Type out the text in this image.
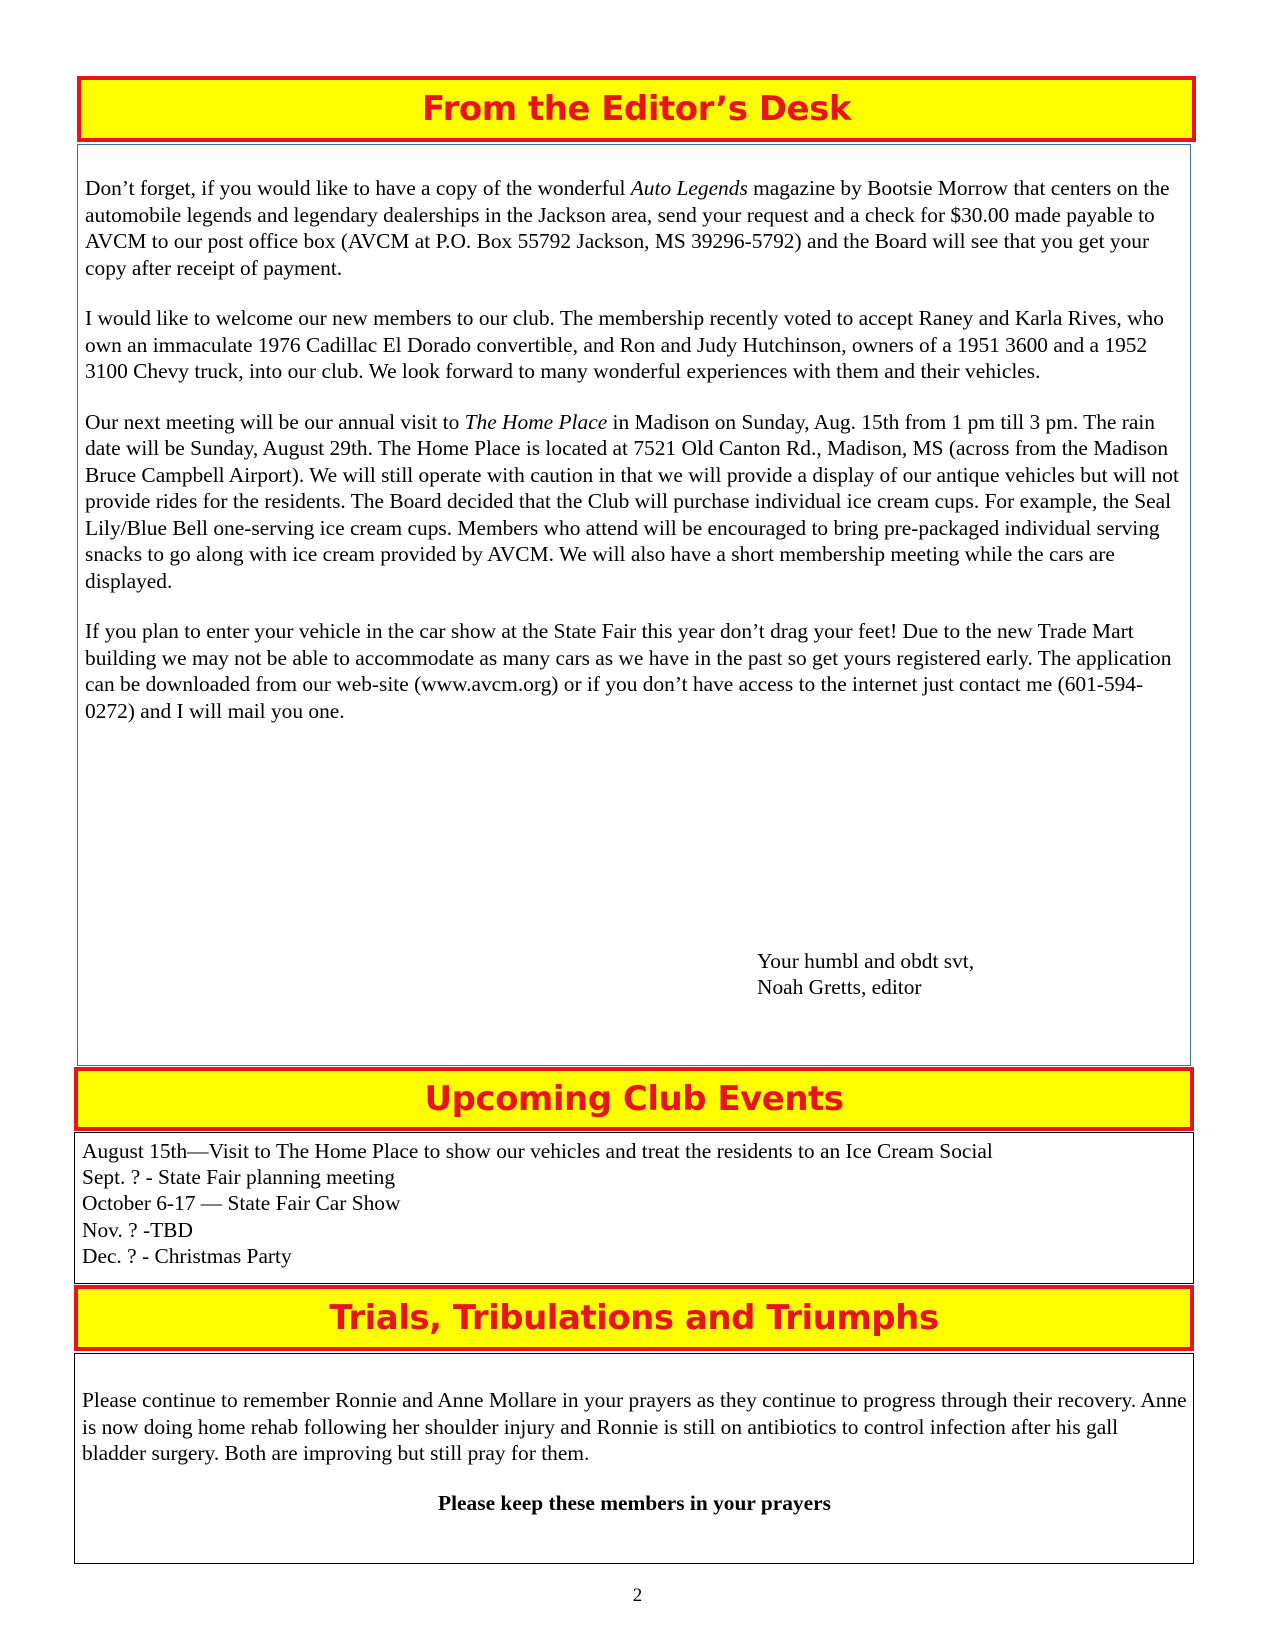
From the Editor’s Desk

Don’t forget, if you would like to have a copy of the wonderful Auto Legends magazine by Bootsie Morrow that centers on the automobile legends and legendary dealerships in the Jackson area, send your request and a check for $30.00 made payable to AVCM to our post office box (AVCM at P.O. Box 55792 Jackson, MS 39296-5792) and the Board will see that you get your copy after receipt of payment.

I would like to welcome our new members to our club. The membership recently voted to accept Raney and Karla Rives, who own an immaculate 1976 Cadillac El Dorado convertible, and Ron and Judy Hutchinson, owners of a 1951 3600 and a 1952 3100 Chevy truck, into our club. We look forward to many wonderful experiences with them and their vehicles.

Our next meeting will be our annual visit to The Home Place in Madison on Sunday, Aug. 15th from 1 pm till 3 pm. The rain date will be Sunday, August 29th. The Home Place is located at 7521 Old Canton Rd., Madison, MS (across from the Madison Bruce Campbell Airport). We will still operate with caution in that we will provide a display of our antique vehicles but will not provide rides for the residents. The Board decided that the Club will purchase individual ice cream cups. For example, the Seal Lily/Blue Bell one-serving ice cream cups. Members who attend will be encouraged to bring pre-packaged individual serving snacks to go along with ice cream provided by AVCM. We will also have a short membership meeting while the cars are displayed.

If you plan to enter your vehicle in the car show at the State Fair this year don’t drag your feet! Due to the new Trade Mart building we may not be able to accommodate as many cars as we have in the past so get yours registered early. The application can be downloaded from our web-site (www.avcm.org) or if you don’t have access to the internet just contact me (601-594-0272) and I will mail you one.

Your humbl and obdt svt,
Noah Gretts, editor
Upcoming Club Events
August 15th—Visit to The Home Place to show our vehicles and treat the residents to an Ice Cream Social
Sept. ? - State Fair planning meeting
October 6-17 — State Fair Car Show
Nov. ? -TBD
Dec. ? - Christmas Party
Trials, Tribulations and Triumphs

Please continue to remember Ronnie and Anne Mollare in your prayers as they continue to progress through their recovery. Anne is now doing home rehab following her shoulder injury and Ronnie is still on antibiotics to control infection after his gall bladder surgery. Both are improving but still pray for them.

Please keep these members in your prayers
2
